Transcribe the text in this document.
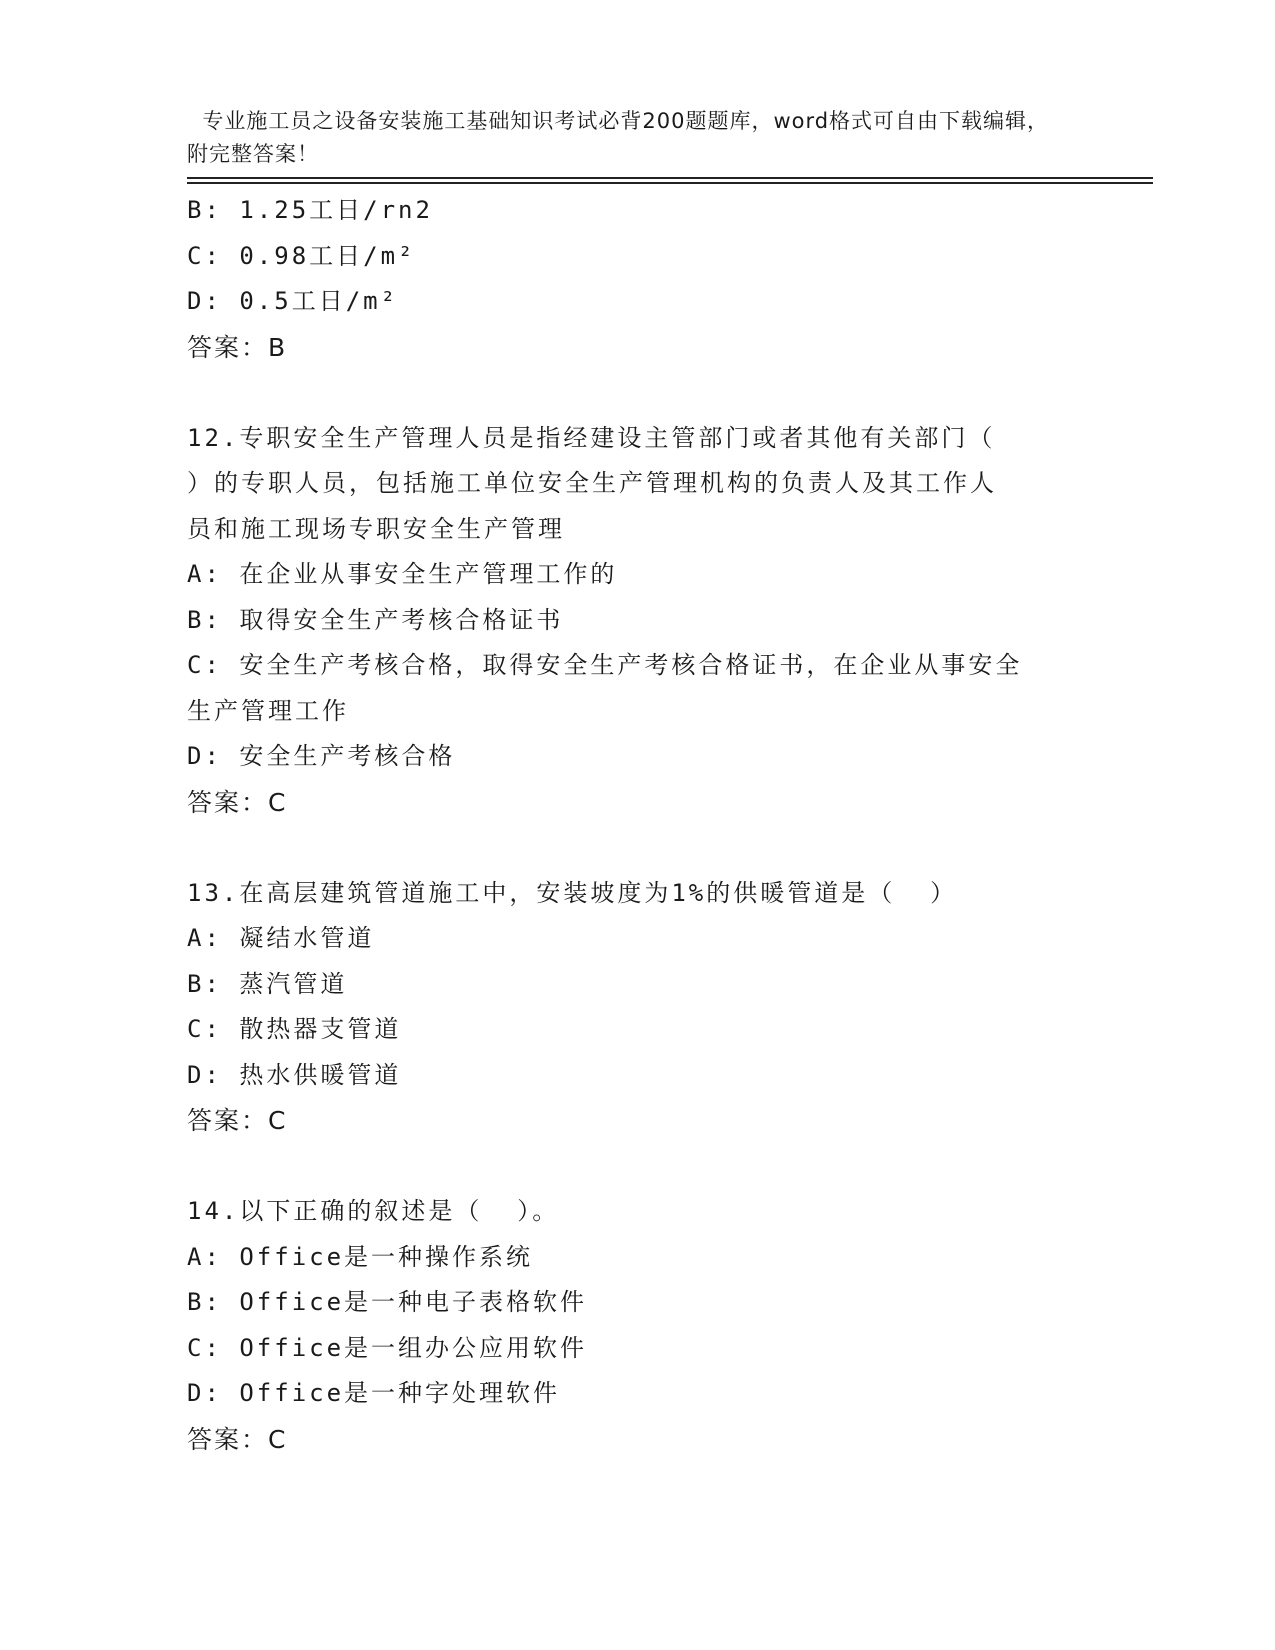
专业施工员之设备安装施工基础知识考试必背200题题库，word格式可自由下载编辑，附完整答案！

B: 1.25工日/rn2
C: 0.98工日/m²
D: 0.5工日/m²
答案：B
12.专职安全生产管理人员是指经建设主管部门或者其他有关部门（
）的专职人员，包括施工单位安全生产管理机构的负责人及其工作人
员和施工现场专职安全生产管理
A: 在企业从事安全生产管理工作的
B: 取得安全生产考核合格证书
C: 安全生产考核合格，取得安全生产考核合格证书，在企业从事安全
生产管理工作
D: 安全生产考核合格
答案：C
13.在高层建筑管道施工中，安装坡度为1%的供暖管道是（  ）
A: 凝结水管道
B: 蒸汽管道
C: 散热器支管道
D: 热水供暖管道
答案：C
14.以下正确的叙述是（  ）。
A: Office是一种操作系统
B: Office是一种电子表格软件
C: Office是一组办公应用软件
D: Office是一种字处理软件
答案：C
